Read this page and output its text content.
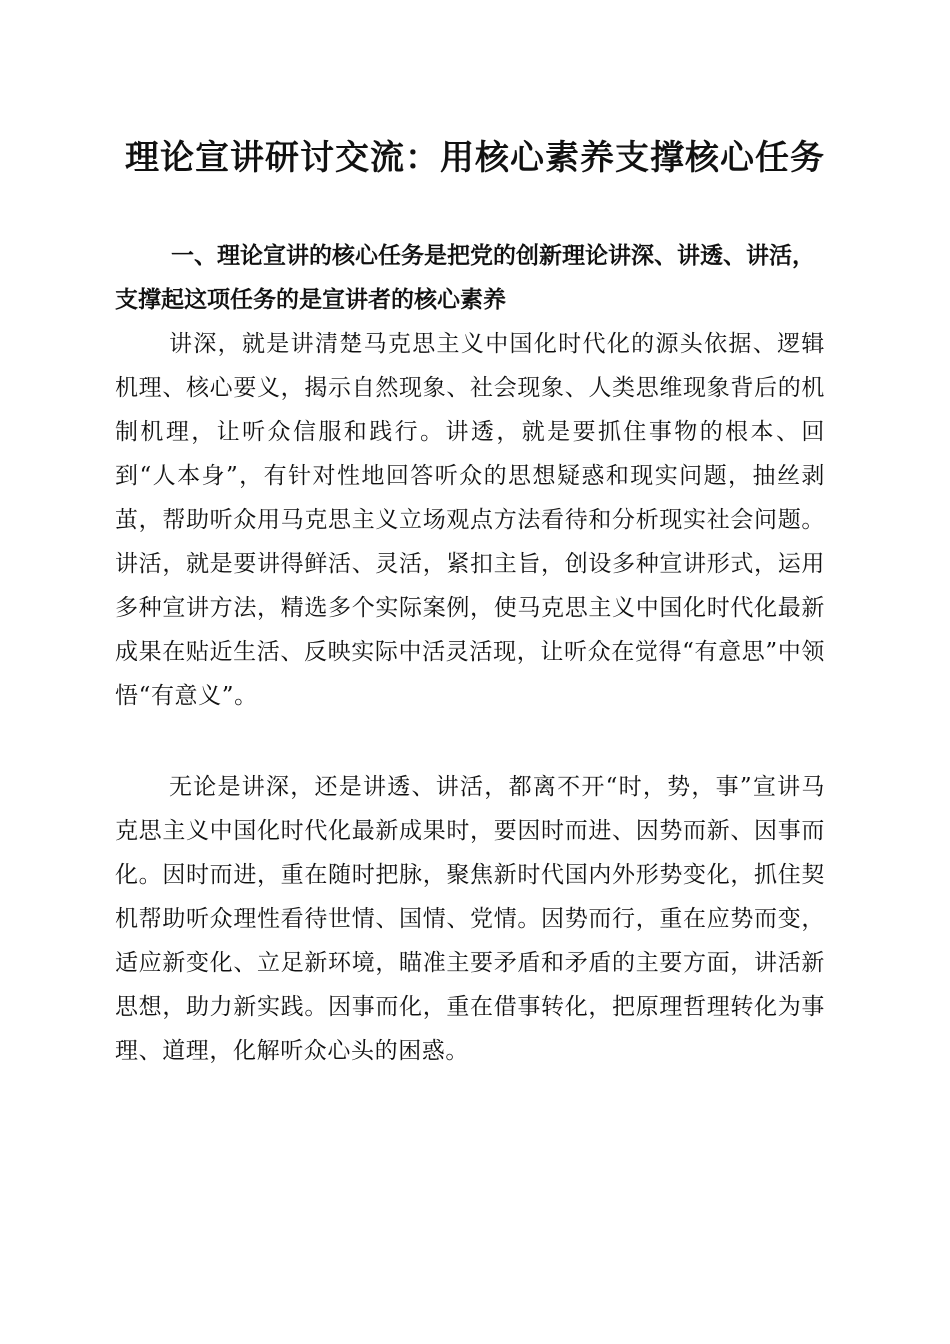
理论宣讲研讨交流：用核心素养支撑核心任务
一、理论宣讲的核心任务是把党的创新理论讲深、讲透、讲活，支撑起这项任务的是宣讲者的核心素养
讲深，就是讲清楚马克思主义中国化时代化的源头依据、逻辑机理、核心要义，揭示自然现象、社会现象、人类思维现象背后的机制机理，让听众信服和践行。讲透，就是要抓住事物的根本、回到“人本身”，有针对性地回答听众的思想疑惑和现实问题，抽丝剥茧，帮助听众用马克思主义立场观点方法看待和分析现实社会问题。讲活，就是要讲得鲜活、灵活，紧扣主旨，创设多种宣讲形式，运用多种宣讲方法，精选多个实际案例，使马克思主义中国化时代化最新成果在贴近生活、反映实际中活灵活现，让听众在觉得“有意思”中领悟“有意义”。
无论是讲深，还是讲透、讲活，都离不开“时，势，事”宣讲马克思主义中国化时代化最新成果时，要因时而进、因势而新、因事而化。因时而进，重在随时把脉，聚焦新时代国内外形势变化，抓住契机帮助听众理性看待世情、国情、党情。因势而行，重在应势而变，适应新变化、立足新环境，瞄准主要矛盾和矛盾的主要方面，讲活新思想，助力新实践。因事而化，重在借事转化，把原理哲理转化为事理、道理，化解听众心头的困惑。
